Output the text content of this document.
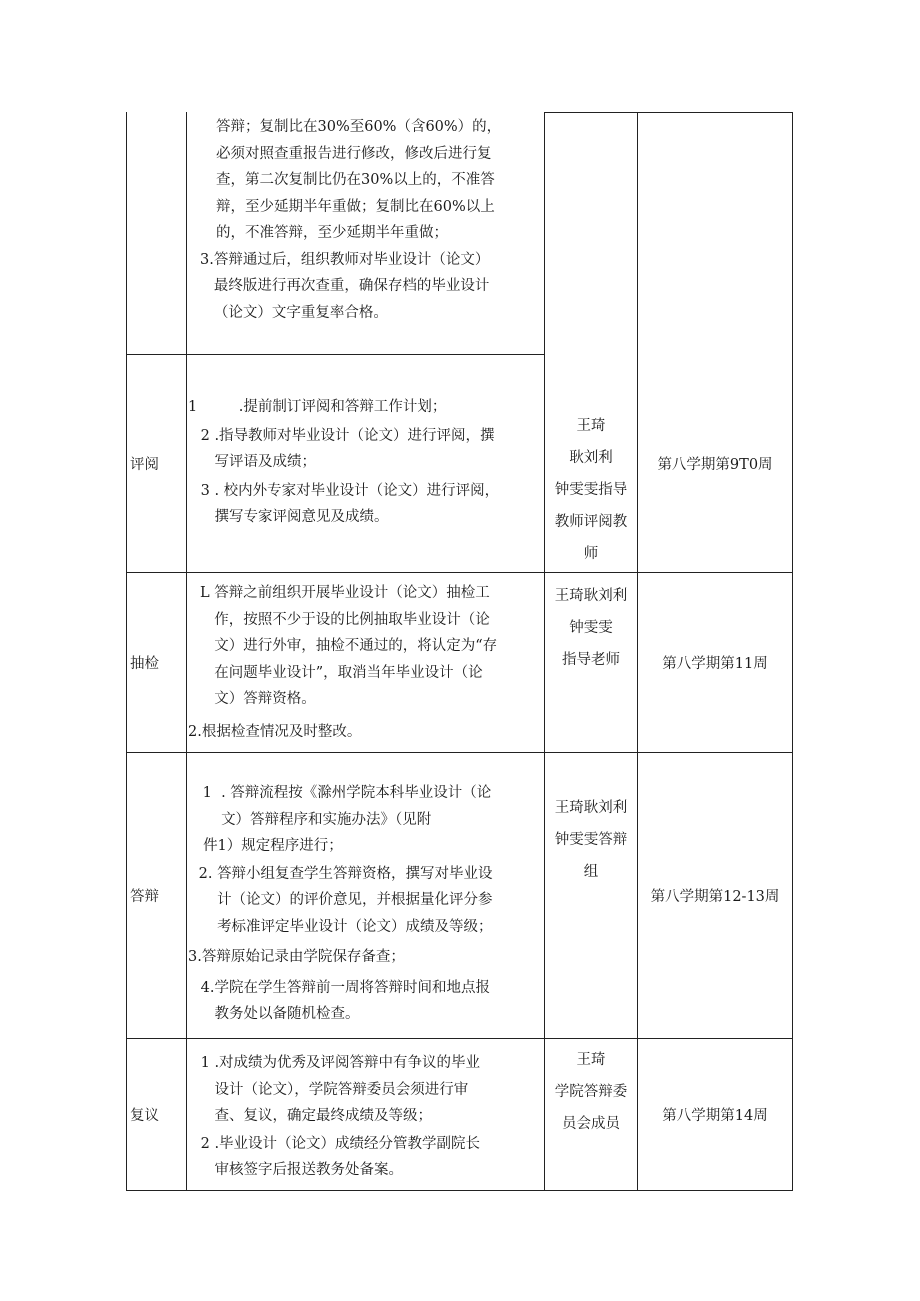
答辩；复制比在30%至60%（含60%）的，

必须对照查重报告进行修改，修改后进行复

查，第二次复制比仍在30%以上的，不准答

辩，至少延期半年重做；复制比在60%以上

的，不准答辩，至少延期半年重做；

3. 答辩通过后，组织教师对毕业设计（论文）

最终版进行再次查重，确保存档的毕业设计

（论文）文字重复率合格。

评阅
1 .提前制订评阅和答辩工作计划；

2 .指导教师对毕业设计（论文）进行评阅，撰

写评语及成绩；

3 . 校内外专家对毕业设计（论文）进行评阅，

撰写专家评阅意见及成绩。

王琦
耿刘利
钟雯雯指导
教师评阅教
师
第八学期第9T0周
抽检
L 答辩之前组织开展毕业设计（论文）抽检工

作，按照不少于设的比例抽取毕业设计（论

文）进行外审，抽检不通过的，将认定为“存

在问题毕业设计”，取消当年毕业设计（论

文）答辩资格。

2. 根据检查情况及时整改。

王琦耿刘利
钟雯雯
指导老师	第八学期第11周
答辩
1 . 答辩流程按《滁州学院本科毕业设计（论

文）答辩程序和实施办法》（见附

件1）规定程序进行；

2. 答辩小组复查学生答辩资格，撰写对毕业设

计（论文）的评价意见，并根据量化评分参

考标准评定毕业设计（论文）成绩及等级；

3. 答辩原始记录由学院保存备查；

4. 学院在学生答辩前一周将答辩时间和地点报

教务处以备随机检查。

王琦耿刘利
钟雯雯答辩
组
第八学期第12-13周
复议
1 .对成绩为优秀及评阅答辩中有争议的毕业

设计（论文），学院答辩委员会须进行审

查、复议，确定最终成绩及等级；

2 .毕业设计（论文）成绩经分管教学副院长

审核签字后报送教务处备案。

王琦
学院答辩委
员会成员	第八学期第14周
